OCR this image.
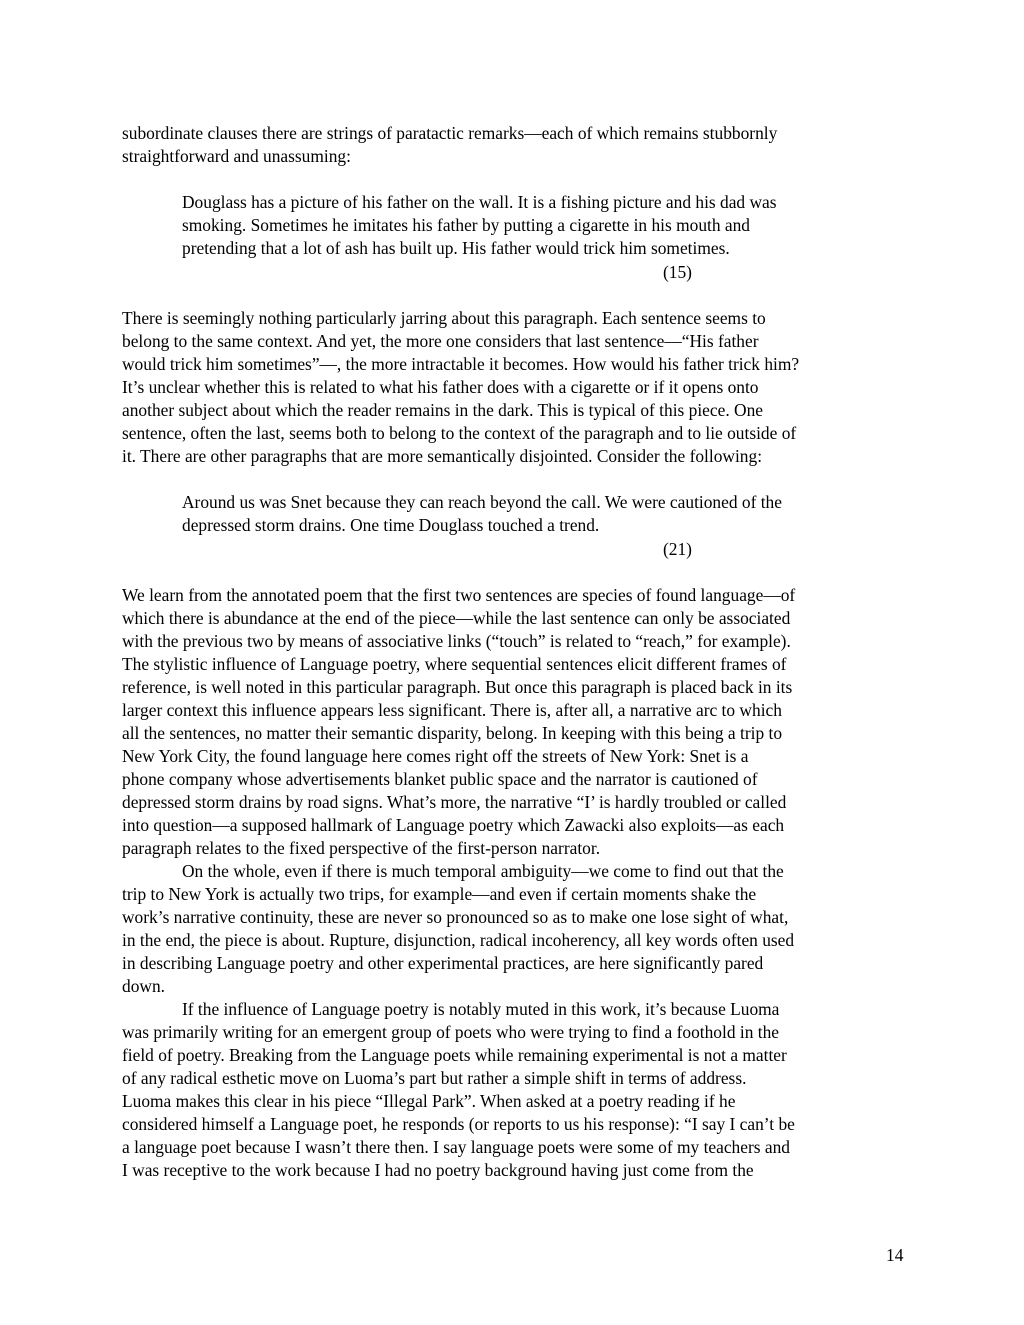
subordinate clauses there are strings of paratactic remarks—each of which remains stubbornly
straightforward and unassuming:
Douglass has a picture of his father on the wall. It is a fishing picture and his dad was
smoking. Sometimes he imitates his father by putting a cigarette in his mouth and
pretending that a lot of ash has built up. His father would trick him sometimes.
(15)
There is seemingly nothing particularly jarring about this paragraph. Each sentence seems to
belong to the same context. And yet, the more one considers that last sentence—“His father
would trick him sometimes”—, the more intractable it becomes. How would his father trick him?
It’s unclear whether this is related to what his father does with a cigarette or if it opens onto
another subject about which the reader remains in the dark. This is typical of this piece. One
sentence, often the last, seems both to belong to the context of the paragraph and to lie outside of
it. There are other paragraphs that are more semantically disjointed. Consider the following:
Around us was Snet because they can reach beyond the call. We were cautioned of the
depressed storm drains. One time Douglass touched a trend.
(21)
We learn from the annotated poem that the first two sentences are species of found language—of
which there is abundance at the end of the piece—while the last sentence can only be associated
with the previous two by means of associative links (“touch” is related to “reach,” for example).
The stylistic influence of Language poetry, where sequential sentences elicit different frames of
reference, is well noted in this particular paragraph. But once this paragraph is placed back in its
larger context this influence appears less significant. There is, after all, a narrative arc to which
all the sentences, no matter their semantic disparity, belong. In keeping with this being a trip to
New York City, the found language here comes right off the streets of New York: Snet is a
phone company whose advertisements blanket public space and the narrator is cautioned of
depressed storm drains by road signs. What’s more, the narrative “I’ is hardly troubled or called
into question—a supposed hallmark of Language poetry which Zawacki also exploits—as each
paragraph relates to the fixed perspective of the first-person narrator.
On the whole, even if there is much temporal ambiguity—we come to find out that the
trip to New York is actually two trips, for example—and even if certain moments shake the
work’s narrative continuity, these are never so pronounced so as to make one lose sight of what,
in the end, the piece is about. Rupture, disjunction, radical incoherency, all key words often used
in describing Language poetry and other experimental practices, are here significantly pared
down.
If the influence of Language poetry is notably muted in this work, it’s because Luoma
was primarily writing for an emergent group of poets who were trying to find a foothold in the
field of poetry. Breaking from the Language poets while remaining experimental is not a matter
of any radical esthetic move on Luoma’s part but rather a simple shift in terms of address.
Luoma makes this clear in his piece “Illegal Park”. When asked at a poetry reading if he
considered himself a Language poet, he responds (or reports to us his response): “I say I can’t be
a language poet because I wasn’t there then. I say language poets were some of my teachers and
I was receptive to the work because I had no poetry background having just come from the
14
